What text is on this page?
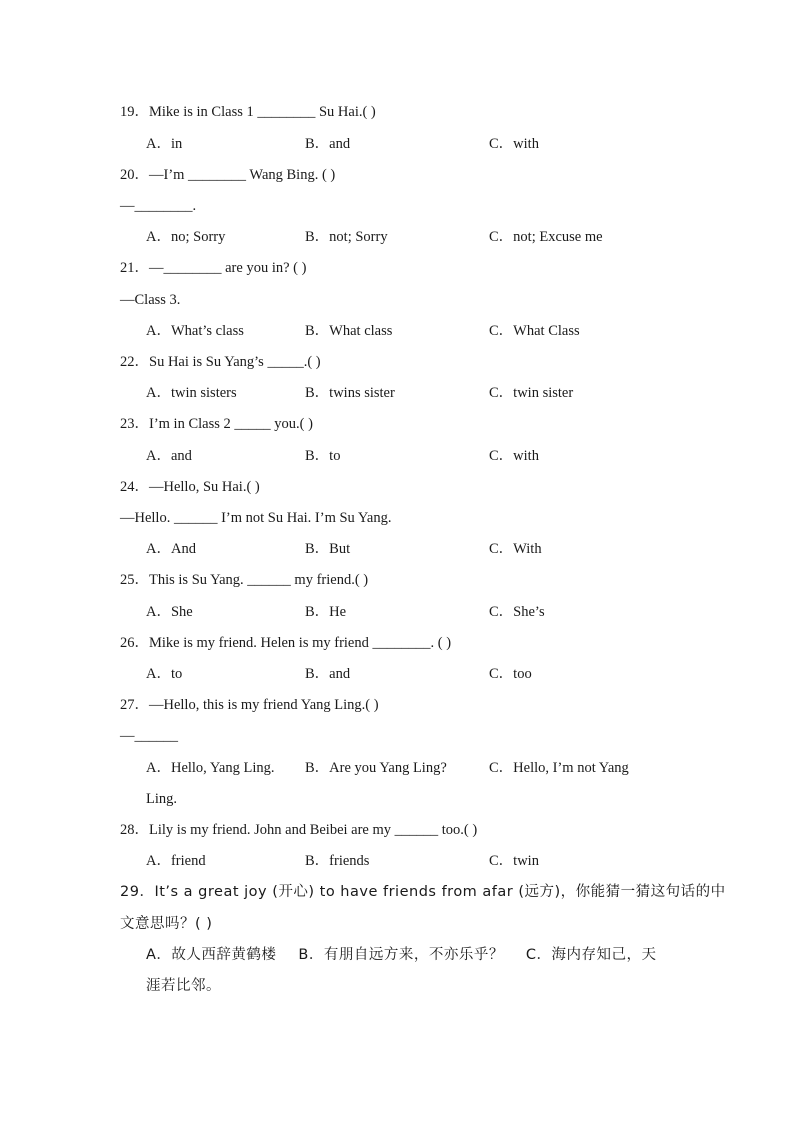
19．Mike is in Class 1 ________ Su Hai.( )
A．in	B．and	C．with
20．—I’m ________ Wang Bing. ( )
—________.
A．no; Sorry	B．not; Sorry	C．not; Excuse me
21．—________ are you in? ( )
—Class 3.
A．What’s class	B．What class	C．What Class
22．Su Hai is Su Yang’s _____.( )
A．twin sisters	B．twins sister	C．twin sister
23．I’m in Class 2 _____ you.( )
A．and	B．to	C．with
24．—Hello, Su Hai.( )
—Hello. ______ I’m not Su Hai. I’m Su Yang.
A．And	B．But	C．With
25．This is Su Yang. ______ my friend.( )
A．She	B．He	C．She’s
26．Mike is my friend. Helen is my friend ________. ( )
A．to	B．and	C．too
27．—Hello, this is my friend Yang Ling.( )
—______
A．Hello, Yang Ling. B．Are you Yang Ling?	C．Hello, I’m not Yang
Ling.
28．Lily is my friend. John and Beibei are my ______ too.( )
A．friend	B．friends	C．twin
29．It’s a great joy (开心) to have friends from afar (远方)，你能猜一猜这句话的中
文意思吗？( )
A．故人西辞黄鹤楼 B．有朋自远方来，不亦乐乎？ C．海内存知己，天
涯若比邻。
